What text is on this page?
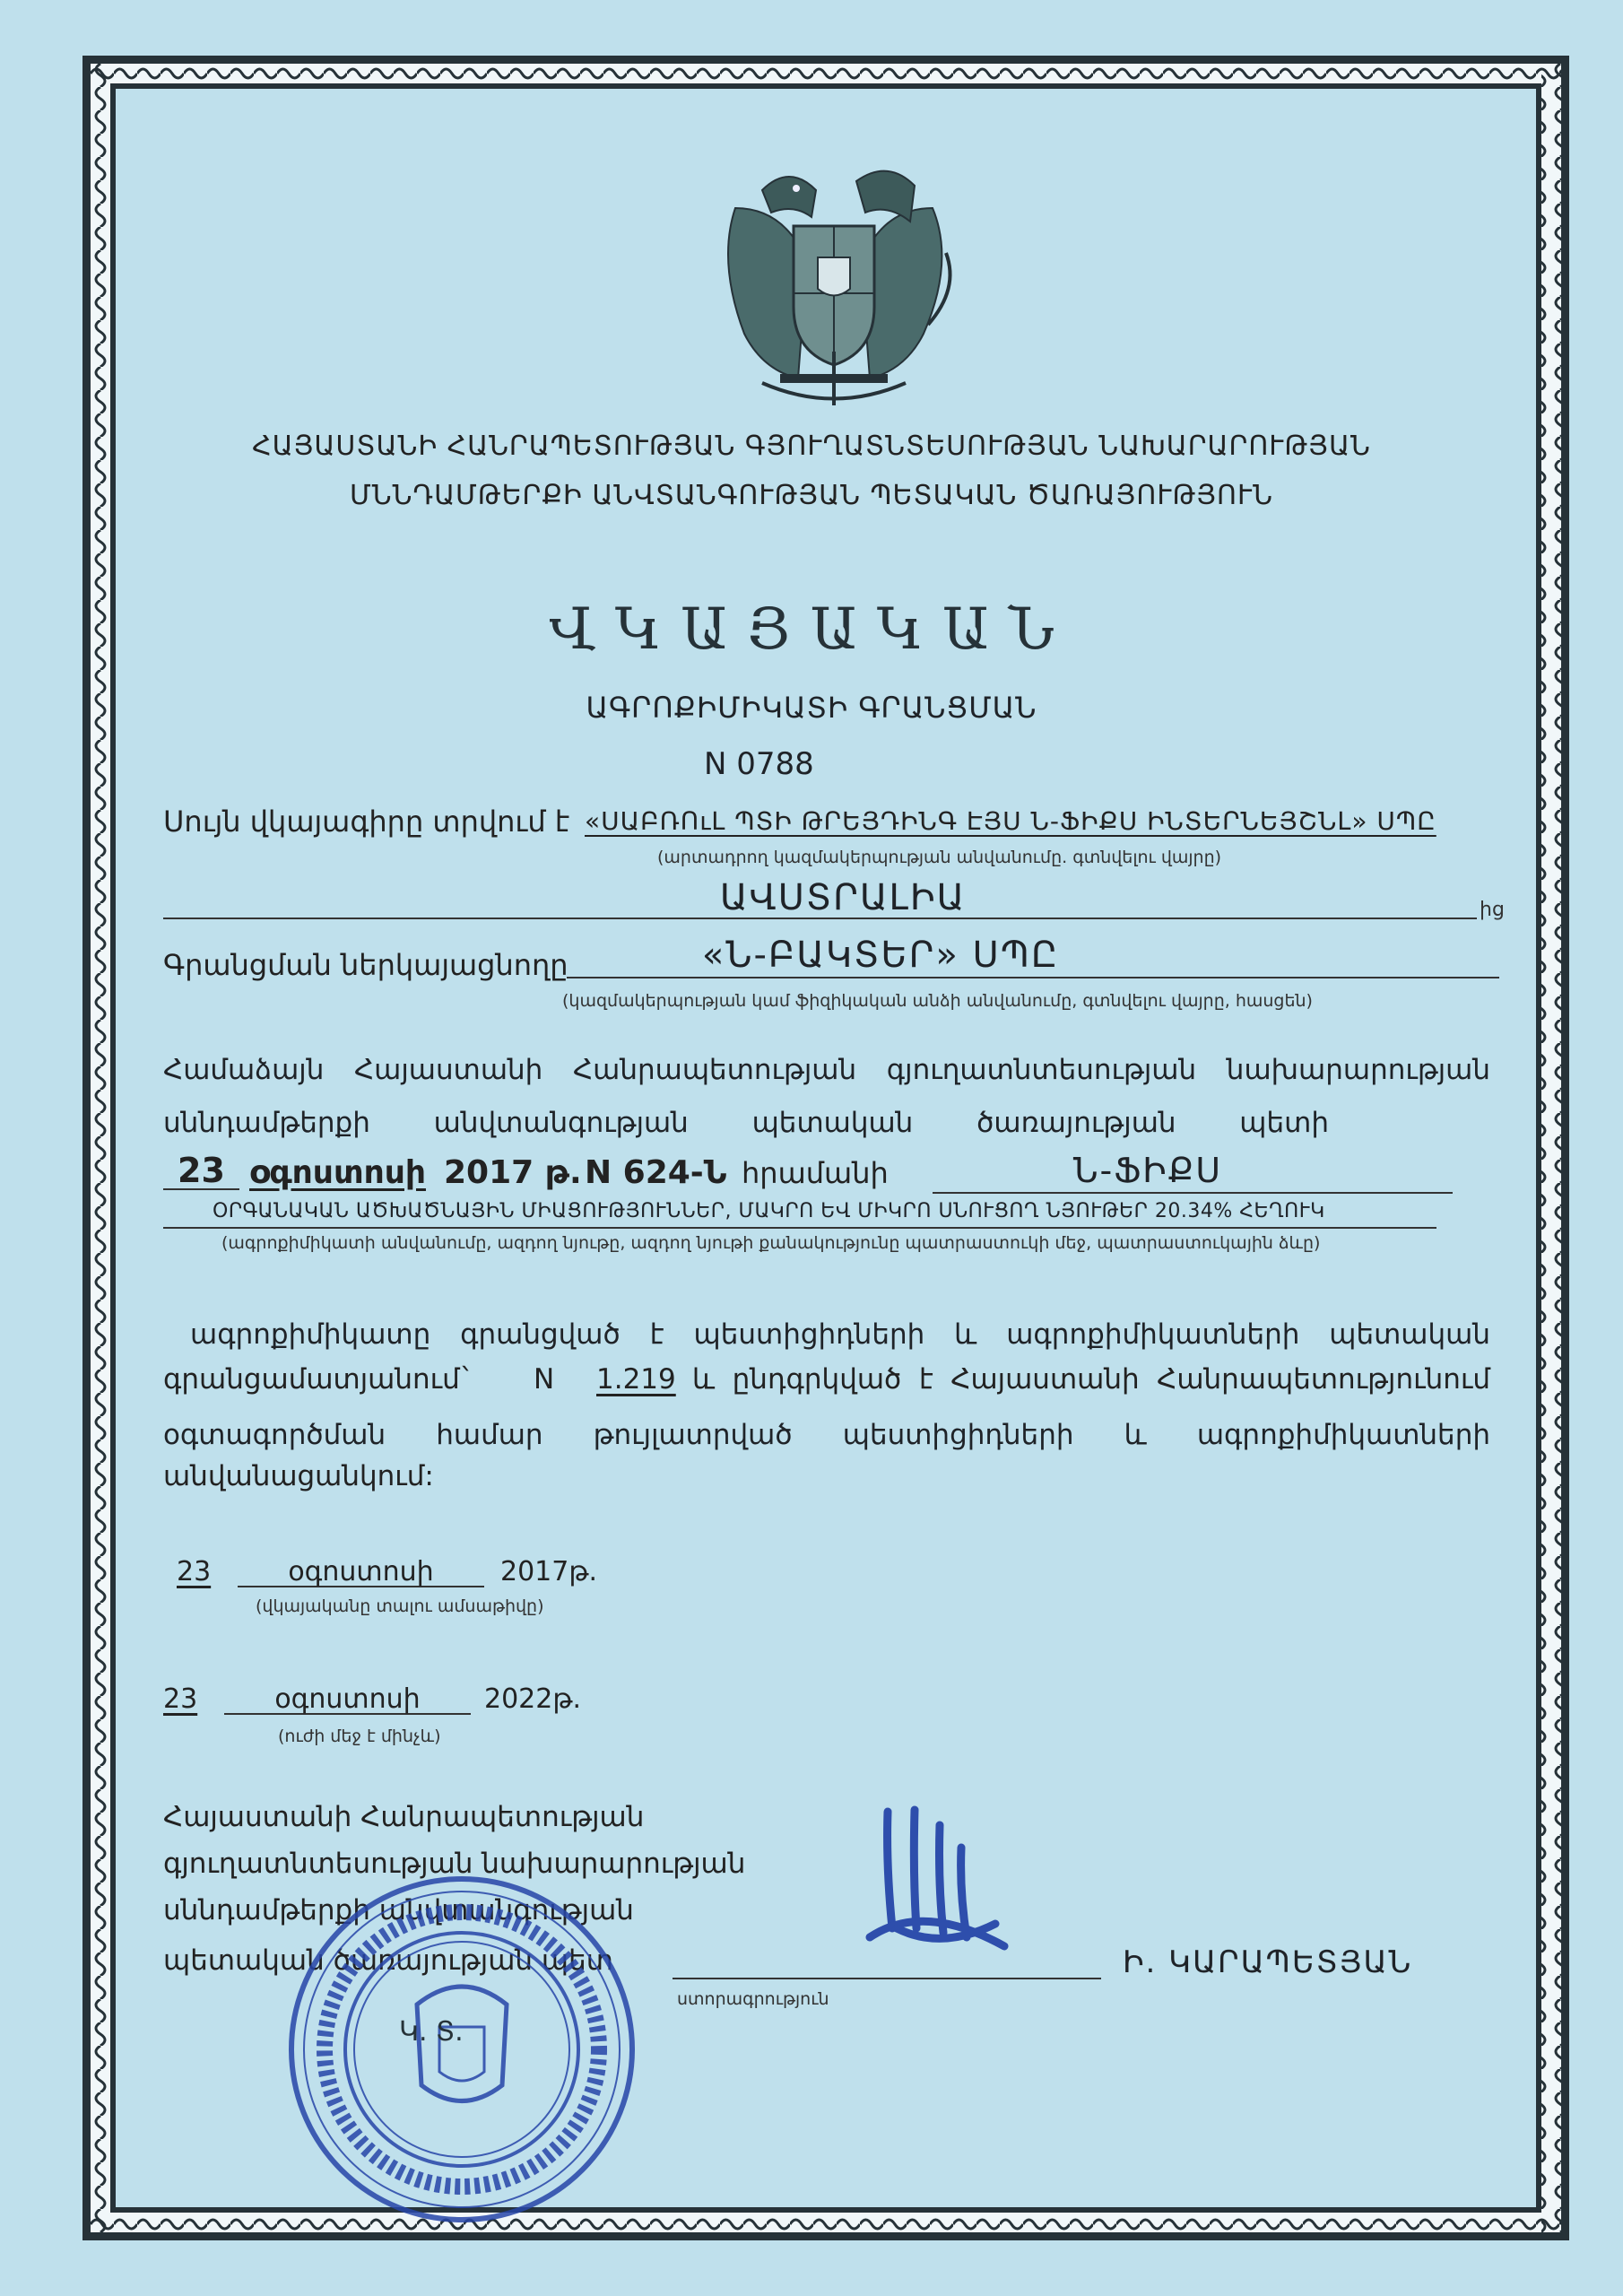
ՀԱՅԱՍՏԱՆԻ ՀԱՆՐԱՊԵՏՈՒԹՅԱՆ ԳՅՈՒՂԱՏՆՏԵՍՈՒԹՅԱՆ ՆԱԽԱՐԱՐՈՒԹՅԱՆ
ՄՆՆԴԱՄԹԵՐՔԻ ԱՆՎՏԱՆԳՈՒԹՅԱՆ ՊԵՏԱԿԱՆ ԾԱՌԱՅՈՒԹՅՈՒՆ
ՎԿԱՅԱԿԱՆ
ԱԳՐՈՔԻՄԻԿԱՏԻ ԳՐԱՆՑՄԱՆ
N 0788
Սույն վկայագիրը տրվում է «ՍԱԲՌՈւԼ ՊՏԻ ԹՐԵՅԴԻՆԳ ԷՅՍ Ն-ՖԻՔՍ ԻՆՏԵՐՆԵՅՇՆԼ» ՍՊԸ
(արտադրող կազմակերպության անվանումը. գտնվելու վայրը)
ԱՎՍՏՐԱԼԻԱ	ից
Գրանցման ներկայացնողը	«Ն-ԲԱԿՏԵՐ» ՍՊԸ
(կազմակերպության կամ ֆիզիկական անձի անվանումը, գտնվելու վայրը, հասցեն)
Համաձայն Հայաստանի Հանրապետության գյուղատնտեսության նախարարության
սննդամթերքի անվտանգության պետական ծառայության պետի
23 օգոստոսի 2017 թ. N 624-Ն հրամանի	Ն-ՖԻՔՍ
ՕՐԳԱՆԱԿԱՆ ԱԾԽԱԾՆԱՅԻՆ ՄԻԱՑՈՒԹՅՈՒՆՆԵՐ, ՄԱԿՐՈ ԵՎ ՄԻԿՐՈ ՍՆՈՒՑՈՂ ՆՅՈՒԹԵՐ 20.34% ՀԵՂՈՒԿ
(ագրոքիմիկատի անվանումը, ազդող նյութը, ազդող նյութի քանակությունը պատրաստուկի մեջ, պատրաստուկային ձևը)
ագրոքիմիկատը գրանցված է պեստիցիդների և ագրոքիմիկատների պետական
գրանցամատյանում` N 1.219 և ընդգրկված է Հայաստանի Հանրապետությունում
օգտագործման համար թույլատրված պեստիցիդների և ագրոքիմիկատների
անվանացանկում:
23	օգոստոսի	2017թ.
(վկայականը տալու ամսաթիվը)
23	օգոստոսի	2022թ.
(ուժի մեջ է մինչև)
Հայաստանի Հանրապետության
գյուղատնտեսության նախարարության
սննդամթերքի անվտանգության
պետական ծառայության պետ
ստորագրություն
Ի. ԿԱՐԱՊԵՏՅԱՆ
Կ. Տ.
